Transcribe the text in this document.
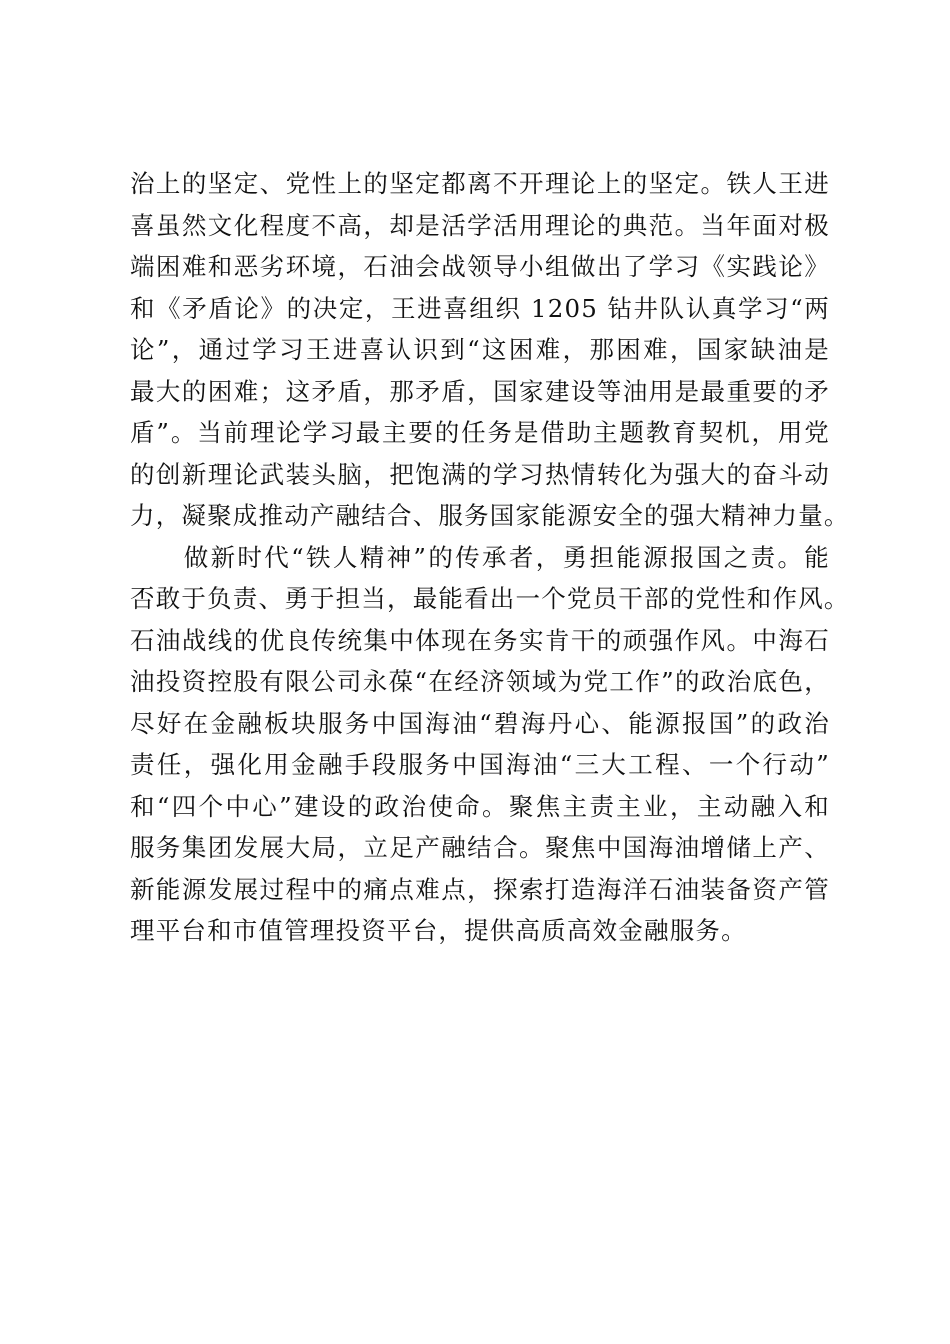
治上的坚定、党性上的坚定都离不开理论上的坚定。铁人王进
喜虽然文化程度不高，却是活学活用理论的典范。当年面对极
端困难和恶劣环境，石油会战领导小组做出了学习《实践论》
和《矛盾论》的决定，王进喜组织 1205 钻井队认真学习“两
论”，通过学习王进喜认识到“这困难，那困难，国家缺油是
最大的困难；这矛盾，那矛盾，国家建设等油用是最重要的矛
盾”。当前理论学习最主要的任务是借助主题教育契机，用党
的创新理论武装头脑，把饱满的学习热情转化为强大的奋斗动
力，凝聚成推动产融结合、服务国家能源安全的强大精神力量。
　　做新时代“铁人精神”的传承者，勇担能源报国之责。能
否敢于负责、勇于担当，最能看出一个党员干部的党性和作风。
石油战线的优良传统集中体现在务实肯干的顽强作风。中海石
油投资控股有限公司永葆“在经济领域为党工作”的政治底色，
尽好在金融板块服务中国海油“碧海丹心、能源报国”的政治
责任，强化用金融手段服务中国海油“三大工程、一个行动”
和“四个中心”建设的政治使命。聚焦主责主业，主动融入和
服务集团发展大局，立足产融结合。聚焦中国海油增储上产、
新能源发展过程中的痛点难点，探索打造海洋石油装备资产管
理平台和市值管理投资平台，提供高质高效金融服务。
